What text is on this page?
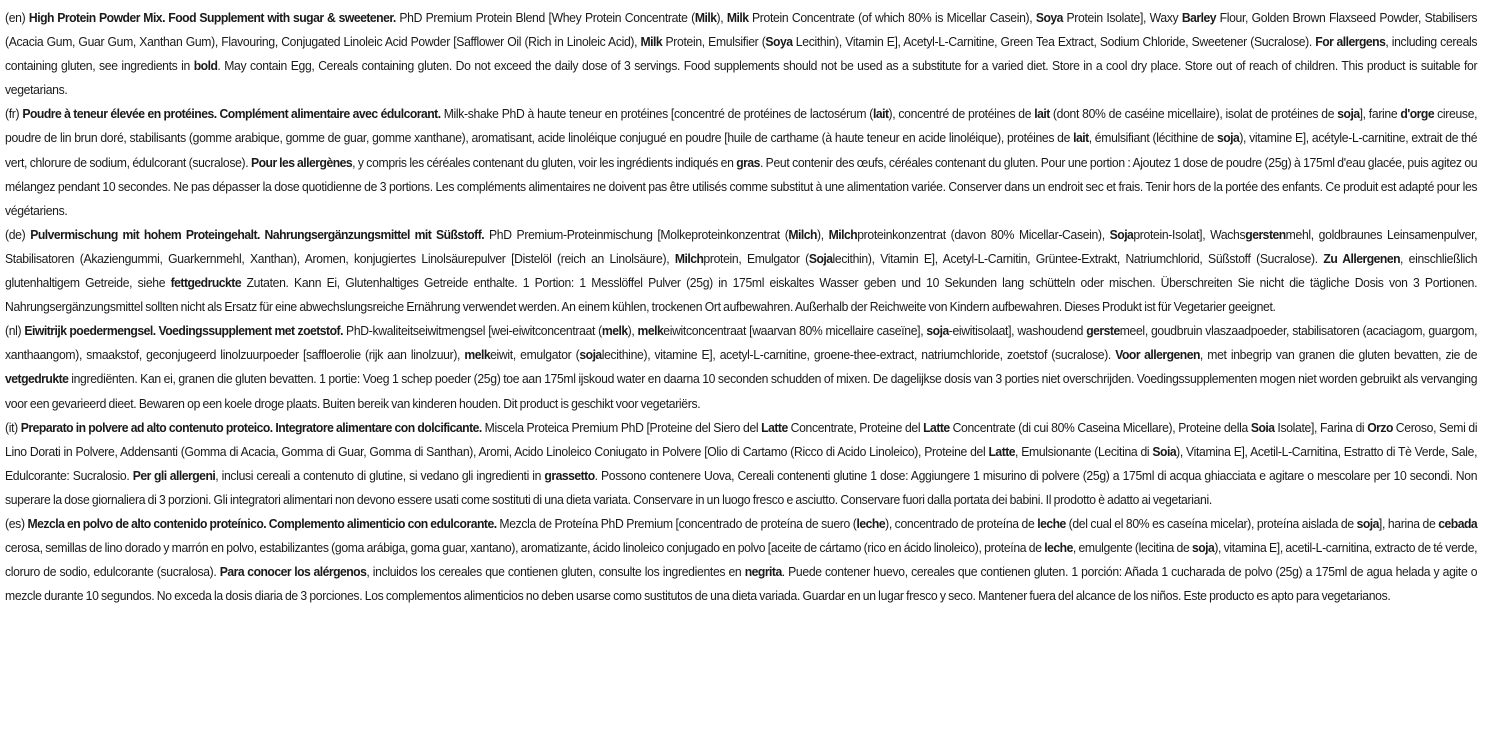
(en) High Protein Powder Mix. Food Supplement with sugar & sweetener. PhD Premium Protein Blend [Whey Protein Concentrate (Milk), Milk Protein Concentrate (of which 80% is Micellar Casein), Soya Protein Isolate], Waxy Barley Flour, Golden Brown Flaxseed Powder, Stabilisers (Acacia Gum, Guar Gum, Xanthan Gum), Flavouring, Conjugated Linoleic Acid Powder [Safflower Oil (Rich in Linoleic Acid), Milk Protein, Emulsifier (Soya Lecithin), Vitamin E], Acetyl-L-Carnitine, Green Tea Extract, Sodium Chloride, Sweetener (Sucralose). For allergens, including cereals containing gluten, see ingredients in bold. May contain Egg, Cereals containing gluten. Do not exceed the daily dose of 3 servings. Food supplements should not be used as a substitute for a varied diet. Store in a cool dry place. Store out of reach of children. This product is suitable for vegetarians.

(fr) Poudre à teneur élevée en protéines. Complément alimentaire avec édulcorant. Milk-shake PhD à haute teneur en protéines [concentré de protéines de lactosérum (lait), concentré de protéines de lait (dont 80% de caséine micellaire), isolat de protéines de soja], farine d'orge cireuse, poudre de lin brun doré, stabilisants (gomme arabique, gomme de guar, gomme xanthane), aromatisant, acide linoléique conjugué en poudre [huile de carthame (à haute teneur en acide linoléique), protéines de lait, émulsifiant (lécithine de soja), vitamine E], acétyle-L-carnitine, extrait de thé vert, chlorure de sodium, édulcorant (sucralose). Pour les allergènes, y compris les céréales contenant du gluten, voir les ingrédients indiqués en gras. Peut contenir des œufs, céréales contenant du gluten. Pour une portion : Ajoutez 1 dose de poudre (25g) à 175ml d'eau glacée, puis agitez ou mélangez pendant 10 secondes. Ne pas dépasser la dose quotidienne de 3 portions. Les compléments alimentaires ne doivent pas être utilisés comme substitut à une alimentation variée. Conserver dans un endroit sec et frais. Tenir hors de la portée des enfants. Ce produit est adapté pour les végétariens.

(de) Pulvermischung mit hohem Proteingehalt. Nahrungsergänzungsmittel mit Süßstoff. PhD Premium-Proteinmischung [Molkeproteinkonzentrat (Milch), Milchproteinkonzentrat (davon 80% Micellar-Casein), Sojaprotein-Isolat], Wachsgerstenmehl, goldbraunes Leinsamenpulver, Stabilisatoren (Akaziengummi, Guarkernmehl, Xanthan), Aromen, konjugiertes Linolsäurepulver [Distelöl (reich an Linolsäure), Milchprotein, Emulgator (Sojalecithin), Vitamin E], Acetyl-L-Carnitin, Grüntee-Extrakt, Natriumchlorid, Süßstoff (Sucralose). Zu Allergenen, einschließlich glutenhaltigem Getreide, siehe fettgedruckte Zutaten. Kann Ei, Glutenhaltiges Getreide enthalte. 1 Portion: 1 Messlöffel Pulver (25g) in 175ml eiskaltes Wasser geben und 10 Sekunden lang schütteln oder mischen. Überschreiten Sie nicht die tägliche Dosis von 3 Portionen. Nahrungsergänzungsmittel sollten nicht als Ersatz für eine abwechslungsreiche Ernährung verwendet werden. An einem kühlen, trockenen Ort aufbewahren. Außerhalb der Reichweite von Kindern aufbewahren. Dieses Produkt ist für Vegetarier geeignet.

(nl) Eiwitrijk poedermengsel. Voedingssupplement met zoetstof. PhD-kwaliteitseiwitmengsel [wei-eiwitconcentraat (melk), melkeiwitconcentraat [waarvan 80% micellaire caseïne], soja-eiwitisolaat], washoudend gerstemeel, goudbruin vlaszaadpoeder, stabilisatoren (acaciagom, guargom, xanthaangom), smaakstof, geconjugeerd linolzuurpoeder [saffloerolie (rijk aan linolzuur), melkeiwit, emulgator (sojalecithine), vitamine E], acetyl-L-carnitine, groene-thee-extract, natriumchloride, zoetstof (sucralose). Voor allergenen, met inbegrip van granen die gluten bevatten, zie de vetgedrukte ingrediënten. Kan ei, granen die gluten bevatten. 1 portie: Voeg 1 schep poeder (25g) toe aan 175ml ijskoud water en daarna 10 seconden schudden of mixen. De dagelijkse dosis van 3 porties niet overschrijden. Voedingssupplementen mogen niet worden gebruikt als vervanging voor een gevarieerd dieet. Bewaren op een koele droge plaats. Buiten bereik van kinderen houden. Dit product is geschikt voor vegetariërs.

(it) Preparato in polvere ad alto contenuto proteico. Integratore alimentare con dolcificante. Miscela Proteica Premium PhD [Proteine del Siero del Latte Concentrate, Proteine del Latte Concentrate (di cui 80% Caseina Micellare), Proteine della Soia Isolate], Farina di Orzo Ceroso, Semi di Lino Dorati in Polvere, Addensanti (Gomma di Acacia, Gomma di Guar, Gomma di Santhan), Aromi, Acido Linoleico Coniugato in Polvere [Olio di Cartamo (Ricco di Acido Linoleico), Proteine del Latte, Emulsionante (Lecitina di Soia), Vitamina E], Acetil-L-Carnitina, Estratto di Tè Verde, Sale, Edulcorante: Sucralosio. Per gli allergeni, inclusi cereali a contenuto di glutine, si vedano gli ingredienti in grassetto. Possono contenere Uova, Cereali contenenti glutine 1 dose: Aggiungere 1 misurino di polvere (25g) a 175ml di acqua ghiacciata e agitare o mescolare per 10 secondi. Non superare la dose giornaliera di 3 porzioni. Gli integratori alimentari non devono essere usati come sostituti di una dieta variata. Conservare in un luogo fresco e asciutto. Conservare fuori dalla portata dei babini. Il prodotto è adatto ai vegetariani.

(es) Mezcla en polvo de alto contenido proteínico. Complemento alimenticio con edulcorante. Mezcla de Proteína PhD Premium [concentrado de proteína de suero (leche), concentrado de proteína de leche (del cual el 80% es caseína micelar), proteína aislada de soja], harina de cebada cerosa, semillas de lino dorado y marrón en polvo, estabilizantes (goma arábiga, goma guar, xantano), aromatizante, ácido linoleico conjugado en polvo [aceite de cártamo (rico en ácido linoleico), proteína de leche, emulgente (lecitina de soja), vitamina E], acetil-L-carnitina, extracto de té verde, cloruro de sodio, edulcorante (sucralosa). Para conocer los alérgenos, incluidos los cereales que contienen gluten, consulte los ingredientes en negrita. Puede contener huevo, cereales que contienen gluten. 1 porción: Añada 1 cucharada de polvo (25g) a 175ml de agua helada y agite o mezcle durante 10 segundos. No exceda la dosis diaria de 3 porciones. Los complementos alimenticios no deben usarse como sustitutos de una dieta variada. Guardar en un lugar fresco y seco. Mantener fuera del alcance de los niños. Este producto es apto para vegetarianos.
